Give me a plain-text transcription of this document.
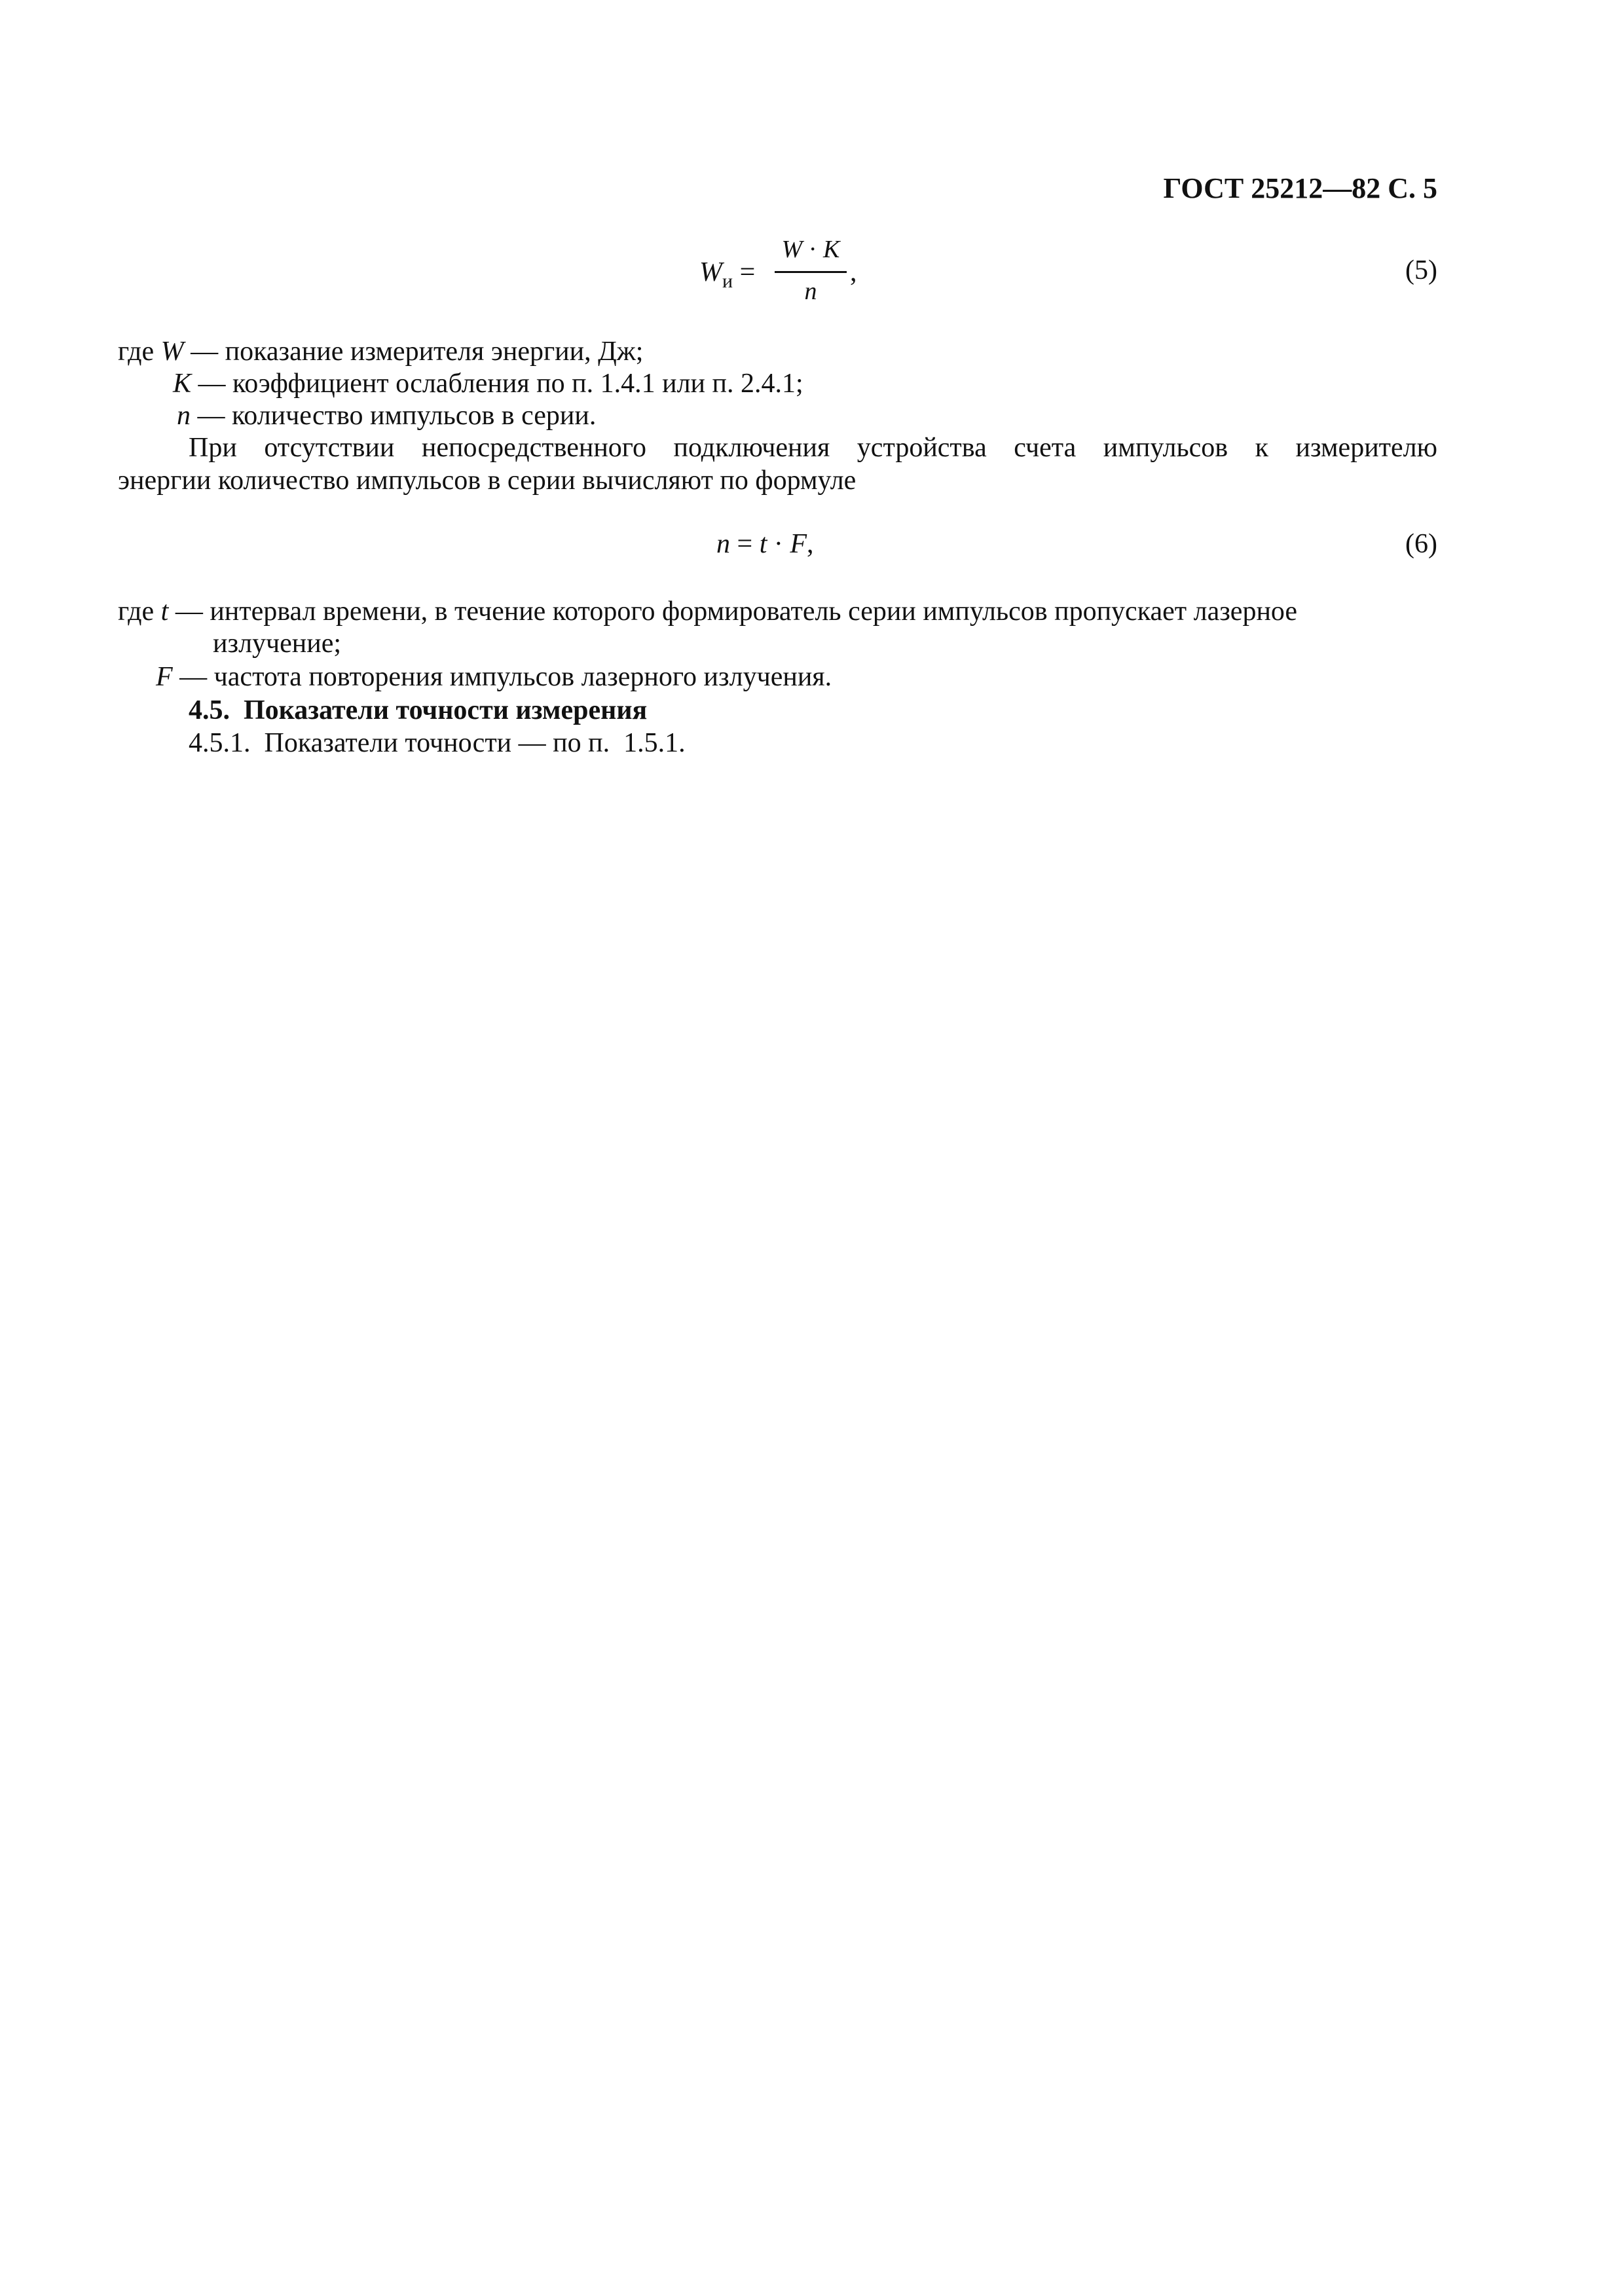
ГОСТ 25212—82 С. 5
$W_и$ =
W · K
n
,	(5)
где W — показание измерителя энергии, Дж;
K — коэффициент ослабления по п. 1.4.1 или п. 2.4.1;
n — количество импульсов в серии.
При отсутствии непосредственного подключения устройства счета импульсов к измерителю
энергии количество импульсов в серии вычисляют по формуле
n = t · F,	(6)
где t — интервал времени, в течение которого формирователь серии импульсов пропускает лазерное
излучение;
F — частота повторения импульсов лазерного излучения.
4.5.  Показатели точности измерения
4.5.1.  Показатели точности — по п.  1.5.1.
